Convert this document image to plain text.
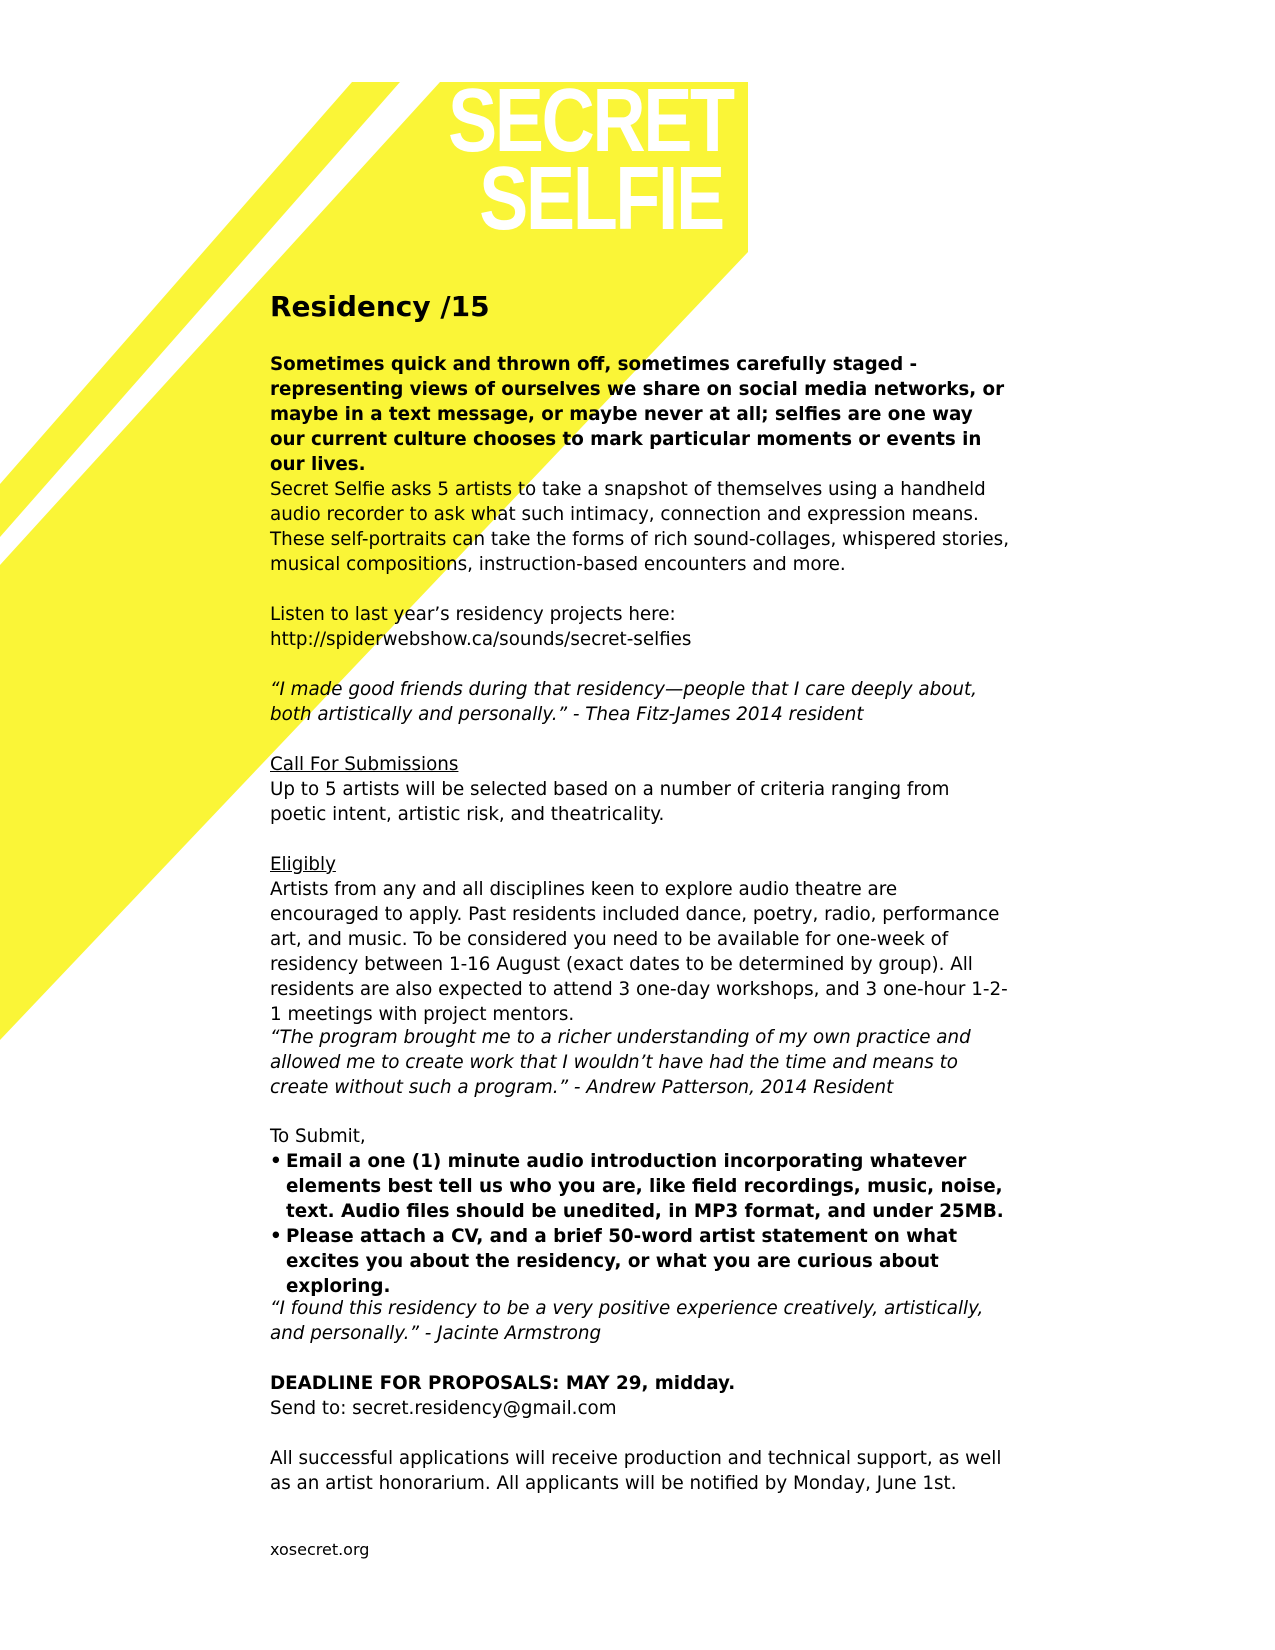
SECRET
SELFIE
Residency /15

Sometimes quick and thrown off, sometimes carefully staged - representing views of ourselves we share on social media networks, or maybe in a text message, or maybe never at all; selfies are one way our current culture chooses to mark particular moments or events in our lives.

Secret Selfie asks 5 artists to take a snapshot of themselves using a handheld audio recorder to ask what such intimacy, connection and expression means. These self-portraits can take the forms of rich sound-collages, whispered stories, musical compositions, instruction-based encounters and more.

Listen to last year’s residency projects here:
http://spiderwebshow.ca/sounds/secret-selfies

“I made good friends during that residency—people that I care deeply about, both artistically and personally.” - Thea Fitz-James 2014 resident

Call For Submissions
Up to 5 artists will be selected based on a number of criteria ranging from poetic intent, artistic risk, and theatricality.
Eligibly
Artists from any and all disciplines keen to explore audio theatre are encouraged to apply. Past residents included dance, poetry, radio, performance art, and music. To be considered you need to be available for one-week of residency between 1-16 August (exact dates to be determined by group). All residents are also expected to attend 3 one-day workshops, and 3 one-hour 1-2-1 meetings with project mentors.

“The program brought me to a richer understanding of my own practice and allowed me to create work that I wouldn’t have had the time and means to create without such a program.” - Andrew Patterson, 2014 Resident

To Submit,
• Email a one (1) minute audio introduction incorporating whatever elements best tell us who you are, like field recordings, music, noise, text. Audio files should be unedited, in MP3 format, and under 25MB.
• Please attach a CV, and a brief 50-word artist statement on what excites you about the residency, or what you are curious about exploring.

“I found this residency to be a very positive experience creatively, artistically, and personally.” - Jacinte Armstrong

DEADLINE FOR PROPOSALS: MAY 29, midday.
Send to: secret.residency@gmail.com

All successful applications will receive production and technical support, as well as an artist honorarium. All applicants will be notified by Monday, June 1st.

xosecret.org
